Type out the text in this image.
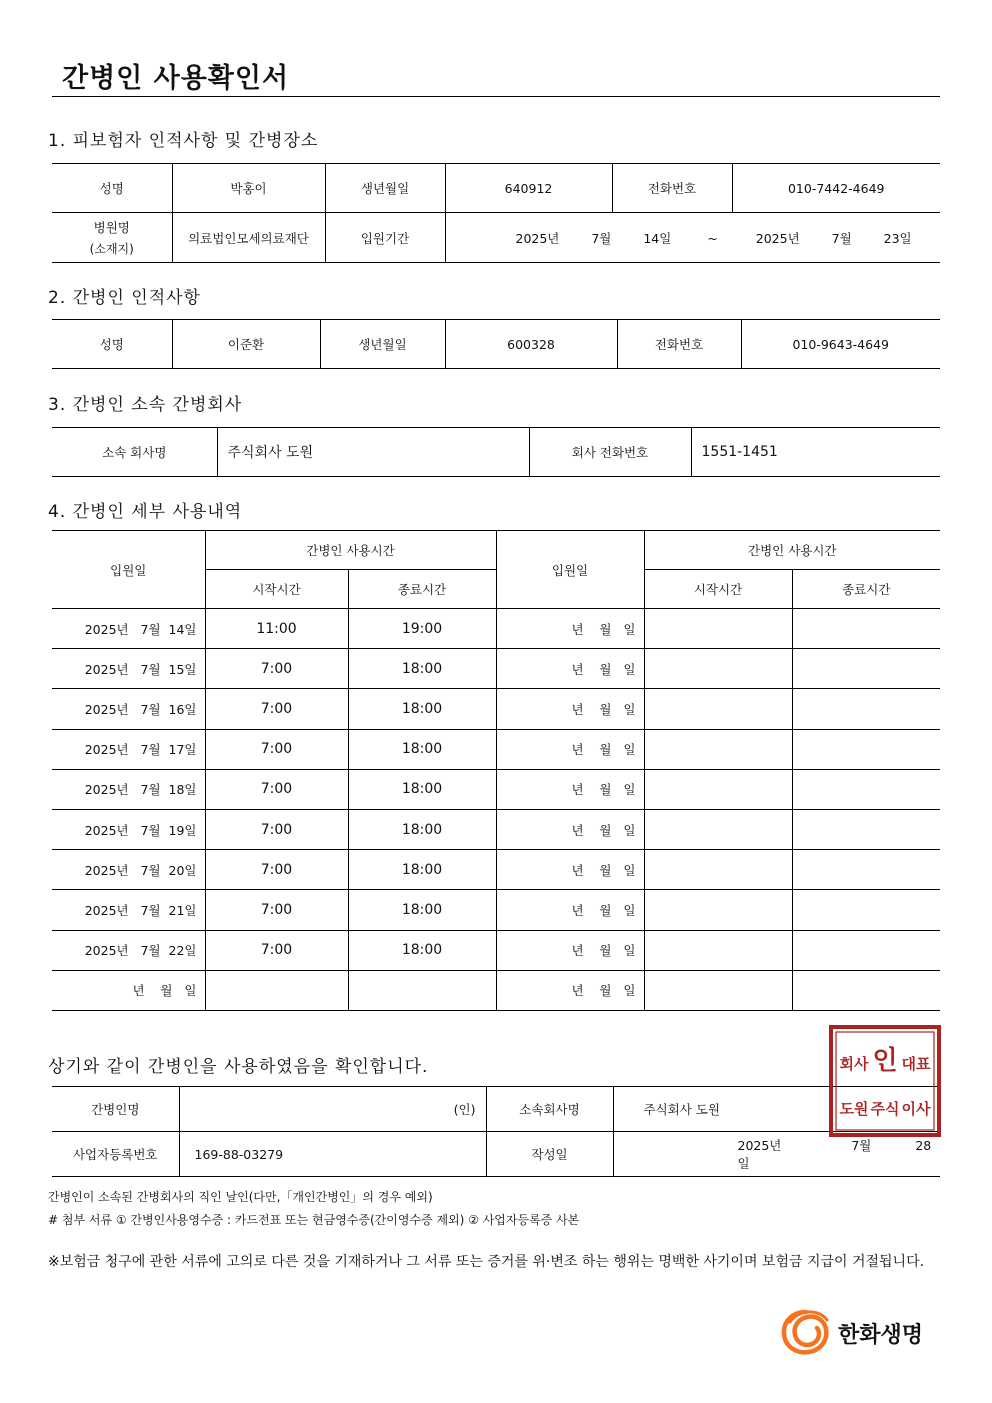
간병인 사용확인서
1. 피보험자 인적사항 및 간병장소
성명	박홍이	생년월일	640912	전화번호	010-7442-4649

병원명
(소재지)	의료법인모세의료재단	입원기간	2025년 7월 14일 ~ 2025년 7월 23일		
2. 간병인 인적사항
성명	이준환	생년월일	600328	전화번호	010-9643-4649
3. 간병인 소속 간병회사
소속 회사명	주식회사 도원	회사 전화번호	1551-1451
4. 간병인 세부 사용내역
입원일	간병인 사용시간		입원일	간병인 사용시간	
	시작시간	종료시간		시작시간	종료시간
2025년   7월  14일	11:00	19:00	년    월   일		
2025년   7월  15일	7:00	18:00	년    월   일		
2025년   7월  16일	7:00	18:00	년    월   일		
2025년   7월  17일	7:00	18:00	년    월   일		
2025년   7월  18일	7:00	18:00	년    월   일		
2025년   7월  19일	7:00	18:00	년    월   일		
2025년   7월  20일	7:00	18:00	년    월   일		
2025년   7월  21일	7:00	18:00	년    월   일		
2025년   7월  22일	7:00	18:00	년    월   일		
년    월   일			년    월   일		
상기와 같이 간병인을 사용하였음을 확인합니다.
간병인명	(인)	소속회사명	주식회사 도원
사업자등록번호	169-88-03279	작성일	2025년 7월 28일
주식
회사
도원
대표
이사
인
간병인이 소속된 간병회사의 직인 날인(다만,「개인간병인」의 경우 예외)
# 첨부 서류 ① 간병인사용영수증 : 카드전표 또는 현금영수증(간이영수증 제외) ② 사업자등록증 사본
※보험금 청구에 관한 서류에 고의로 다른 것을 기재하거나 그 서류 또는 증거를 위·변조 하는 행위는 명백한 사기이며 보험금 지급이 거절됩니다.
한화생명
